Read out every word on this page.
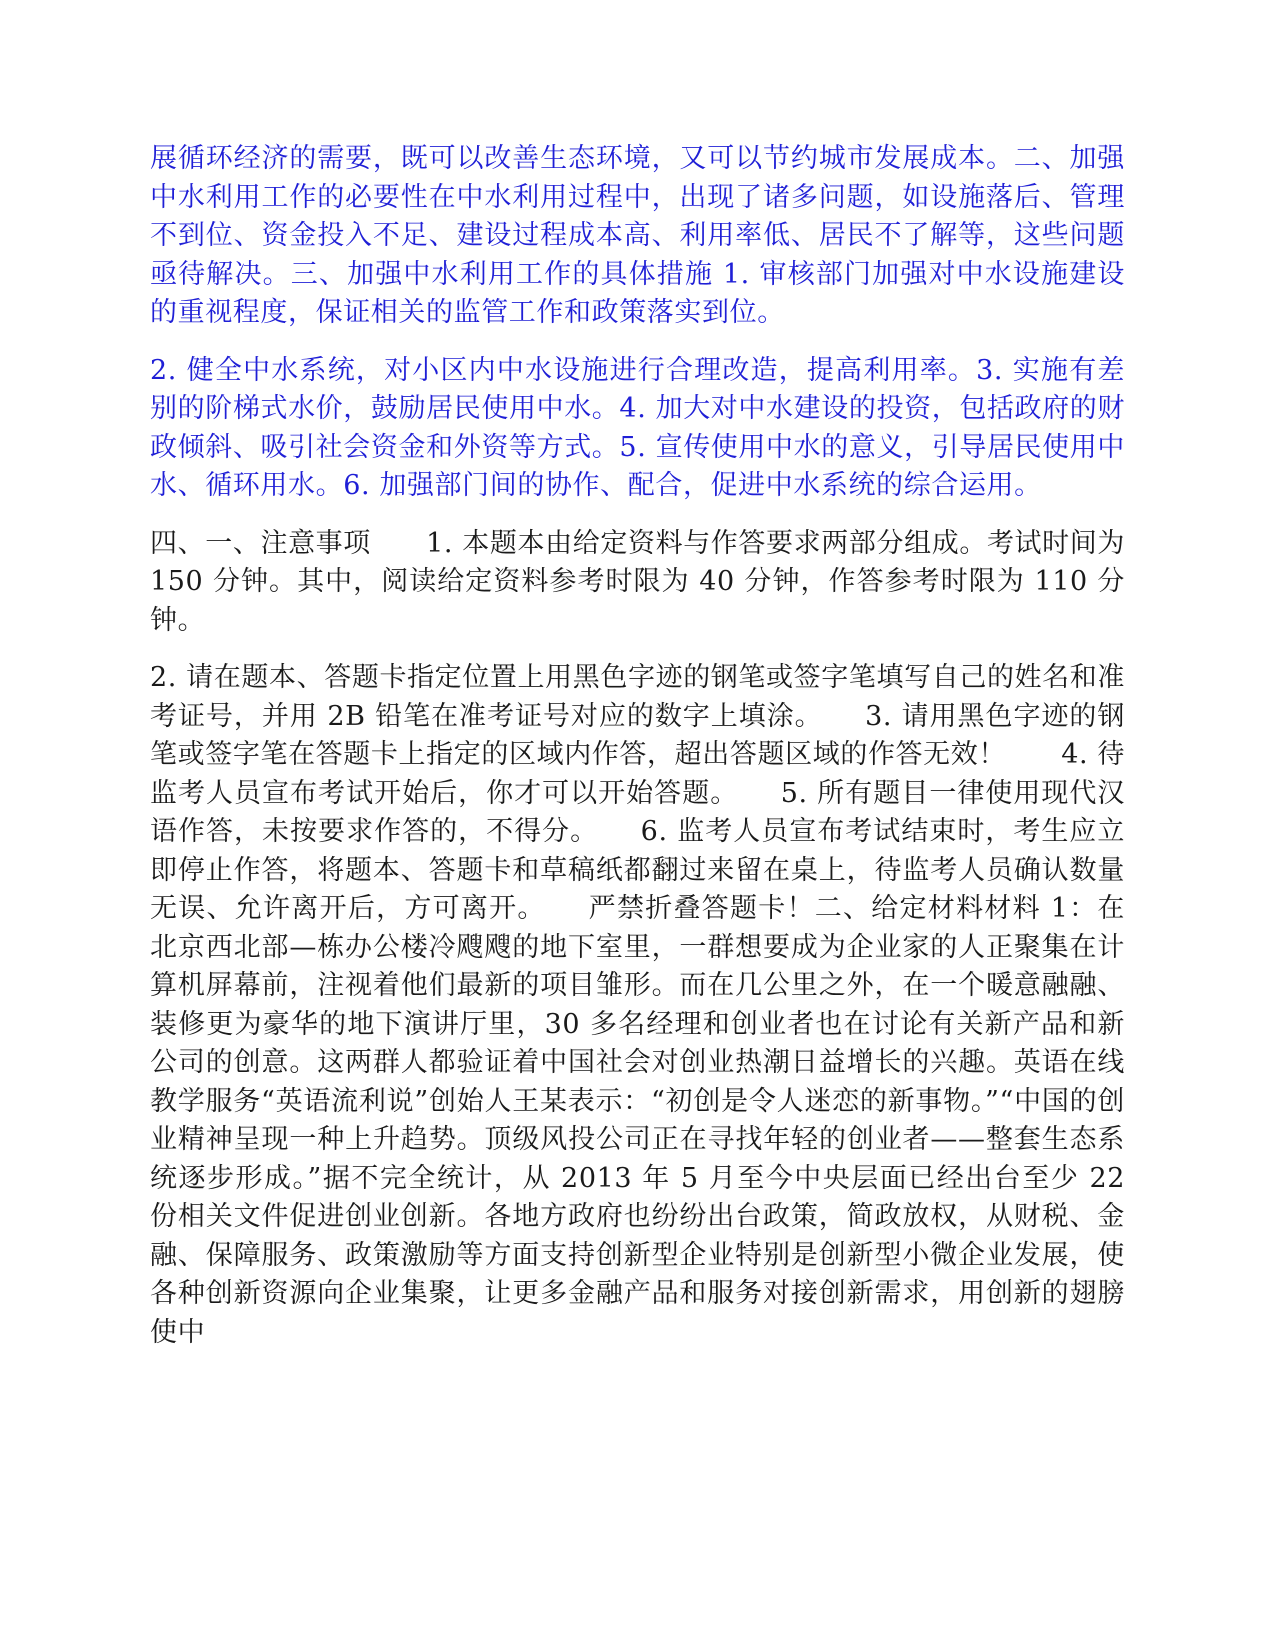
展循环经济的需要，既可以改善生态环境，又可以节约城市发展成本。二、加强中水利用工作的必要性在中水利用过程中，出现了诸多问题，如设施落后、管理不到位、资金投入不足、建设过程成本高、利用率低、居民不了解等，这些问题亟待解决。三、加强中水利用工作的具体措施 1. 审核部门加强对中水设施建设的重视程度，保证相关的监管工作和政策落实到位。

2. 健全中水系统，对小区内中水设施进行合理改造，提高利用率。3. 实施有差别的阶梯式水价，鼓励居民使用中水。4. 加大对中水建设的投资，包括政府的财政倾斜、吸引社会资金和外资等方式。5. 宣传使用中水的意义，引导居民使用中水、循环用水。6. 加强部门间的协作、配合，促进中水系统的综合运用。

四、一、注意事项　　1. 本题本由给定资料与作答要求两部分组成。考试时间为 150 分钟。其中，阅读给定资料参考时限为 40 分钟，作答参考时限为 110 分钟。

2. 请在题本、答题卡指定位置上用黑色字迹的钢笔或签字笔填写自己的姓名和准考证号，并用 2B 铅笔在准考证号对应的数字上填涂。　　3. 请用黑色字迹的钢笔或签字笔在答题卡上指定的区域内作答，超出答题区域的作答无效！　　4. 待监考人员宣布考试开始后，你才可以开始答题。　　5. 所有题目一律使用现代汉语作答，未按要求作答的，不得分。　　6. 监考人员宣布考试结束时，考生应立即停止作答，将题本、答题卡和草稿纸都翻过来留在桌上，待监考人员确认数量无误、允许离开后，方可离开。　　严禁折叠答题卡！二、给定材料材料 1：在北京西北部—栋办公楼冷飕飕的地下室里，一群想要成为企业家的人正聚集在计算机屏幕前，注视着他们最新的项目雏形。而在几公里之外，在一个暖意融融、装修更为豪华的地下演讲厅里，30 多名经理和创业者也在讨论有关新产品和新公司的创意。这两群人都验证着中国社会对创业热潮日益增长的兴趣。英语在线教学服务“英语流利说”创始人王某表示：“初创是令人迷恋的新事物。”“中国的创业精神呈现一种上升趋势。顶级风投公司正在寻找年轻的创业者——整套生态系统逐步形成。”据不完全统计，从 2013 年 5 月至今中央层面已经出台至少 22 份相关文件促进创业创新。各地方政府也纷纷出台政策，简政放权，从财税、金融、保障服务、政策激励等方面支持创新型企业特别是创新型小微企业发展，使各种创新资源向企业集聚，让更多金融产品和服务对接创新需求，用创新的翅膀使中
